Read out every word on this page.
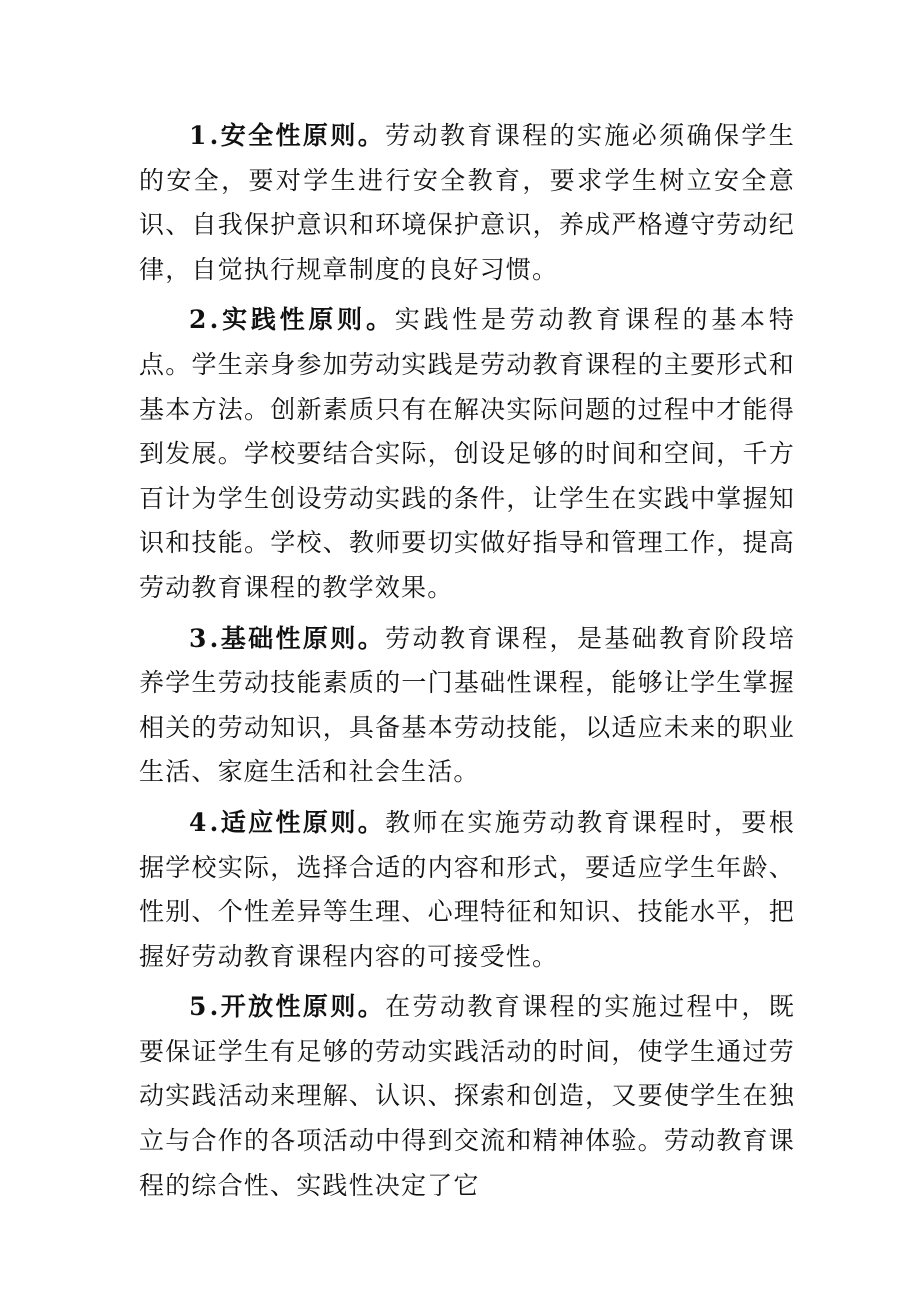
1.安全性原则。劳动教育课程的实施必须确保学生的安全，要对学生进行安全教育，要求学生树立安全意识、自我保护意识和环境保护意识，养成严格遵守劳动纪律，自觉执行规章制度的良好习惯。

2.实践性原则。实践性是劳动教育课程的基本特点。学生亲身参加劳动实践是劳动教育课程的主要形式和基本方法。创新素质只有在解决实际问题的过程中才能得到发展。学校要结合实际，创设足够的时间和空间，千方百计为学生创设劳动实践的条件，让学生在实践中掌握知识和技能。学校、教师要切实做好指导和管理工作，提高劳动教育课程的教学效果。

3.基础性原则。劳动教育课程，是基础教育阶段培养学生劳动技能素质的一门基础性课程，能够让学生掌握相关的劳动知识，具备基本劳动技能，以适应未来的职业生活、家庭生活和社会生活。

4.适应性原则。教师在实施劳动教育课程时，要根据学校实际，选择合适的内容和形式，要适应学生年龄、性别、个性差异等生理、心理特征和知识、技能水平，把握好劳动教育课程内容的可接受性。

5.开放性原则。在劳动教育课程的实施过程中，既要保证学生有足够的劳动实践活动的时间，使学生通过劳动实践活动来理解、认识、探索和创造，又要使学生在独立与合作的各项活动中得到交流和精神体验。劳动教育课程的综合性、实践性决定了它
